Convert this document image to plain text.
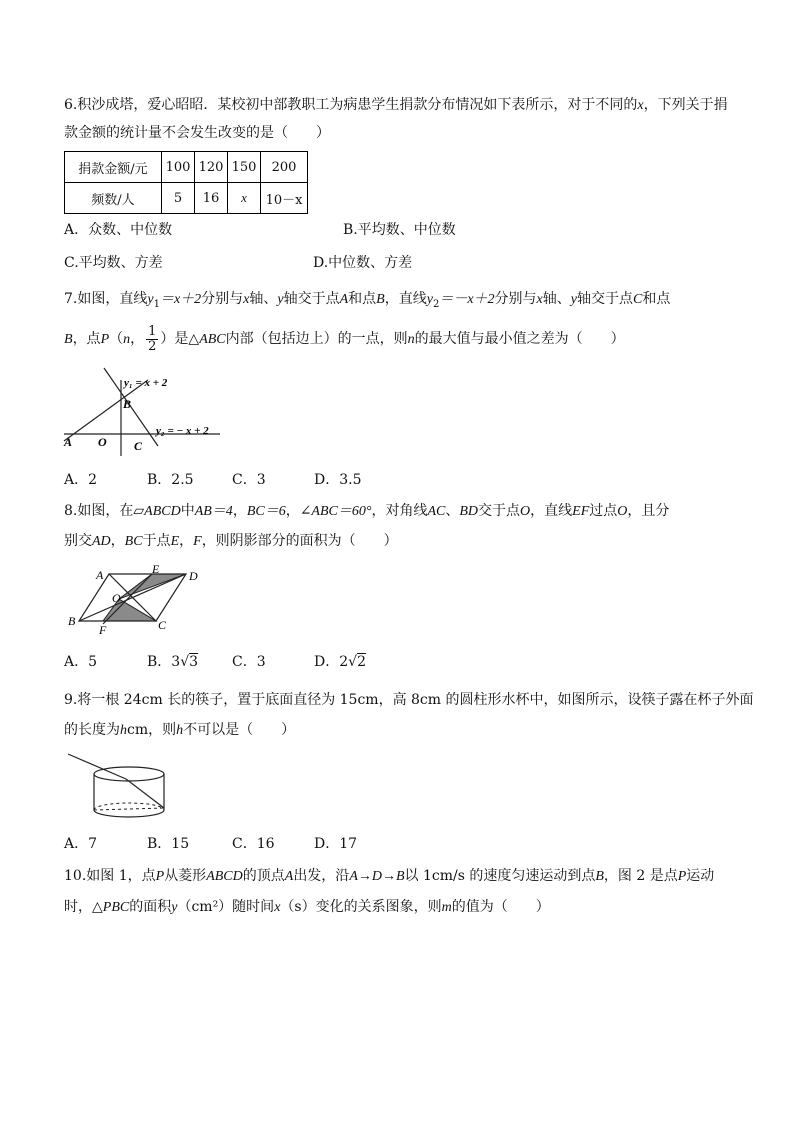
6.积沙成塔，爱心昭昭．某校初中部教职工为病患学生捐款分布情况如下表所示，对于不同的x，下列关于捐
款金额的统计量不会发生改变的是（　　）
捐款金额/元	100	120	150	200
频数/人	5	16	x	10－x
A．众数、中位数	B.平均数、中位数
C.平均数、方差	D.中位数、方差
7.如图，直线$y_1=x+2$分别与x轴、y轴交于点A和点B，直线$y_2=-x+2$分别与x轴、y轴交于点C和点
B，点P（n， $\frac{1}{2}$ ）是△ABC内部（包括边上）的一点，则n的最大值与最小值之差为（　　）
y₁ = x + 2
y₂ = − x + 2
A O C
B
A．2	B．2.5	C．3	D．3.5
8.如图，在▱ABCD中AB＝4，BC＝6，∠ABC＝60°，对角线AC、BD交于点O，直线EF过点O，且分
别交AD，BC于点E，F，则阴影部分的面积为（　　）
A	E D
O
B
F	C
A．5	B．3√3 C．3	D．2√2
9.将一根 24cm 长的筷子，置于底面直径为 15cm，高 8cm 的圆柱形水杯中，如图所示，设筷子露在杯子外面
的长度为hcm，则h不可以是（　　）
A．7	B．15	C．16	D．17
10.如图 1，点P从菱形ABCD的顶点A出发，沿A→D→B以 1cm/s 的速度匀速运动到点B，图 2 是点P运动
时，△PBC的面积y（cm²）随时间x（s）变化的关系图象，则m的值为（　　）
